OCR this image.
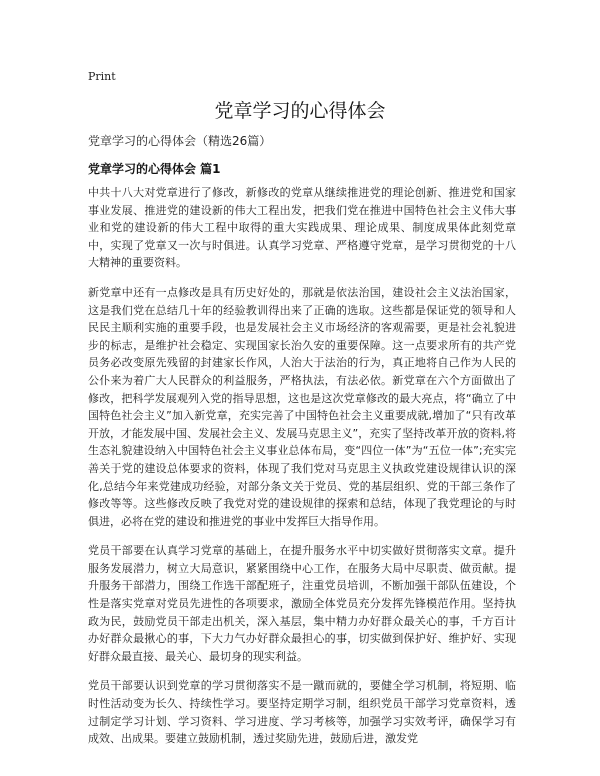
Print
党章学习的心得体会
党章学习的心得体会（精选26篇）
党章学习的心得体会 篇1

中共十八大对党章进行了修改，新修改的党章从继续推进党的理论创新、推进党和国家事业发展、推进党的建设新的伟大工程出发，把我们党在推进中国特色社会主义伟大事业和党的建设新的伟大工程中取得的重大实践成果、理论成果、制度成果体此刻党章中，实现了党章又一次与时俱进。认真学习党章、严格遵守党章，是学习贯彻党的十八大精神的重要资料。

新党章中还有一点修改是具有历史好处的，那就是依法治国，建设社会主义法治国家，这是我们党在总结几十年的经验教训得出来了正确的选取。这些都是保证党的领导和人民民主顺利实施的重要手段，也是发展社会主义市场经济的客观需要，更是社会礼貌进步的标志，是维护社会稳定、实现国家长治久安的重要保障。这一点要求所有的共产党员务必改变原先残留的封建家长作风，人治大于法治的行为，真正地将自己作为人民的公仆来为着广大人民群众的利益服务，严格执法，有法必依。新党章在六个方面做出了修改，把科学发展观列入党的指导思想，这也是这次党章修改的最大亮点，将“确立了中国特色社会主义”加入新党章，充实完善了中国特色社会主义重要成就,增加了“只有改革开放，才能发展中国、发展社会主义、发展马克思主义”，充实了坚持改革开放的资料,将生态礼貌建设纳入中国特色社会主义事业总体布局，变“四位一体”为“五位一体”;充实完善关于党的建设总体要求的资料，体现了我们党对马克思主义执政党建设规律认识的深化,总结今年来党建成功经验，对部分条文关于党员、党的基层组织、党的干部三条作了修改等等。这些修改反映了我党对党的建设规律的探索和总结，体现了我党理论的与时俱进，必将在党的建设和推进党的事业中发挥巨大指导作用。

党员干部要在认真学习党章的基础上，在提升服务水平中切实做好贯彻落实文章。提升服务发展潜力，树立大局意识，紧紧围绕中心工作，在服务大局中尽职责、做贡献。提升服务干部潜力，围绕工作选干部配班子，注重党员培训，不断加强干部队伍建设，个性是落实党章对党员先进性的各项要求，激励全体党员充分发挥先锋模范作用。坚持执政为民，鼓励党员干部走出机关，深入基层，集中精力办好群众最关心的事，千方百计办好群众最揪心的事，下大力气办好群众最担心的事，切实做到保护好、维护好、实现好群众最直接、最关心、最切身的现实利益。

党员干部要认识到党章的学习贯彻落实不是一蹴而就的，要健全学习机制，将短期、临时性活动变为长久、持续性学习。要坚持定期学习制，组织党员干部学习党章资料，透过制定学习计划、学习资料、学习进度、学习考核等，加强学习实效考评，确保学习有成效、出成果。要建立鼓励机制，透过奖励先进，鼓励后进，激发党
